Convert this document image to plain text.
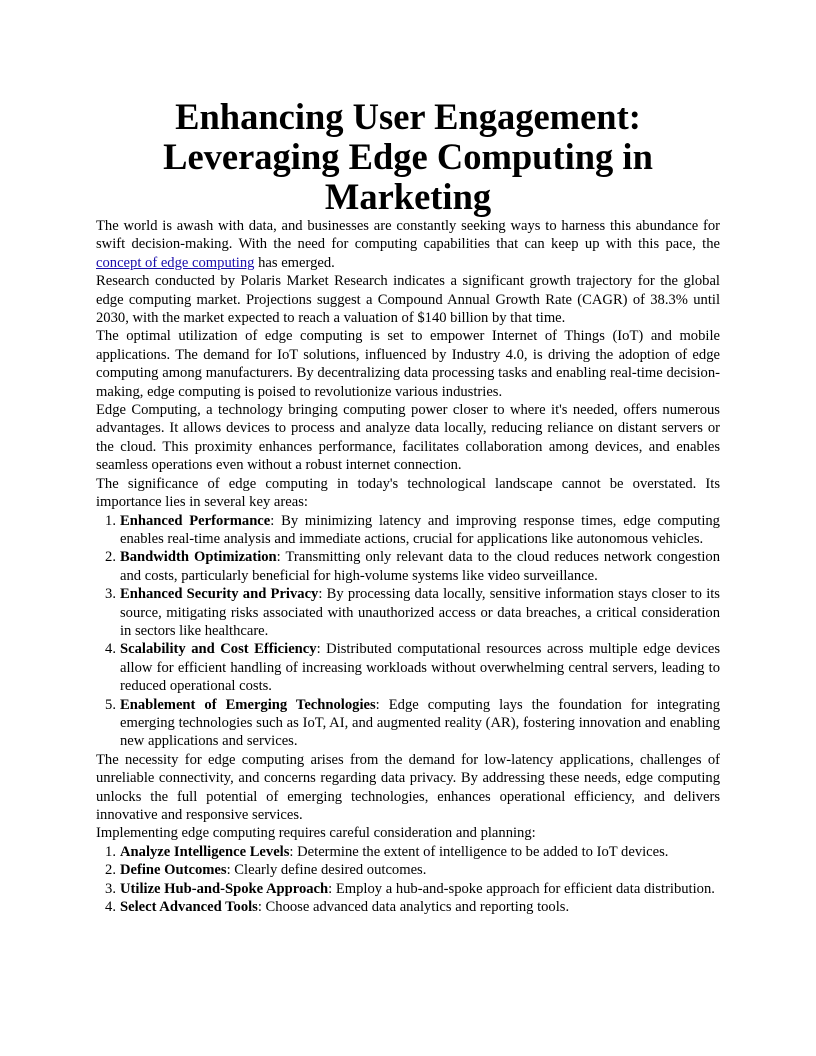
Enhancing User Engagement: Leveraging Edge Computing in Marketing

The world is awash with data, and businesses are constantly seeking ways to harness this abundance for swift decision-making. With the need for computing capabilities that can keep up with this pace, the concept of edge computing has emerged.

Research conducted by Polaris Market Research indicates a significant growth trajectory for the global edge computing market. Projections suggest a Compound Annual Growth Rate (CAGR) of 38.3% until 2030, with the market expected to reach a valuation of $140 billion by that time.

The optimal utilization of edge computing is set to empower Internet of Things (IoT) and mobile applications. The demand for IoT solutions, influenced by Industry 4.0, is driving the adoption of edge computing among manufacturers. By decentralizing data processing tasks and enabling real-time decision-making, edge computing is poised to revolutionize various industries.

Edge Computing, a technology bringing computing power closer to where it's needed, offers numerous advantages. It allows devices to process and analyze data locally, reducing reliance on distant servers or the cloud. This proximity enhances performance, facilitates collaboration among devices, and enables seamless operations even without a robust internet connection.

The significance of edge computing in today's technological landscape cannot be overstated. Its importance lies in several key areas:

1. Enhanced Performance: By minimizing latency and improving response times, edge computing enables real-time analysis and immediate actions, crucial for applications like autonomous vehicles.
2. Bandwidth Optimization: Transmitting only relevant data to the cloud reduces network congestion and costs, particularly beneficial for high-volume systems like video surveillance.
3. Enhanced Security and Privacy: By processing data locally, sensitive information stays closer to its source, mitigating risks associated with unauthorized access or data breaches, a critical consideration in sectors like healthcare.
4. Scalability and Cost Efficiency: Distributed computational resources across multiple edge devices allow for efficient handling of increasing workloads without overwhelming central servers, leading to reduced operational costs.
5. Enablement of Emerging Technologies: Edge computing lays the foundation for integrating emerging technologies such as IoT, AI, and augmented reality (AR), fostering innovation and enabling new applications and services.

The necessity for edge computing arises from the demand for low-latency applications, challenges of unreliable connectivity, and concerns regarding data privacy. By addressing these needs, edge computing unlocks the full potential of emerging technologies, enhances operational efficiency, and delivers innovative and responsive services.

Implementing edge computing requires careful consideration and planning:

1. Analyze Intelligence Levels: Determine the extent of intelligence to be added to IoT devices.
2. Define Outcomes: Clearly define desired outcomes.
3. Utilize Hub-and-Spoke Approach: Employ a hub-and-spoke approach for efficient data distribution.
4. Select Advanced Tools: Choose advanced data analytics and reporting tools.
